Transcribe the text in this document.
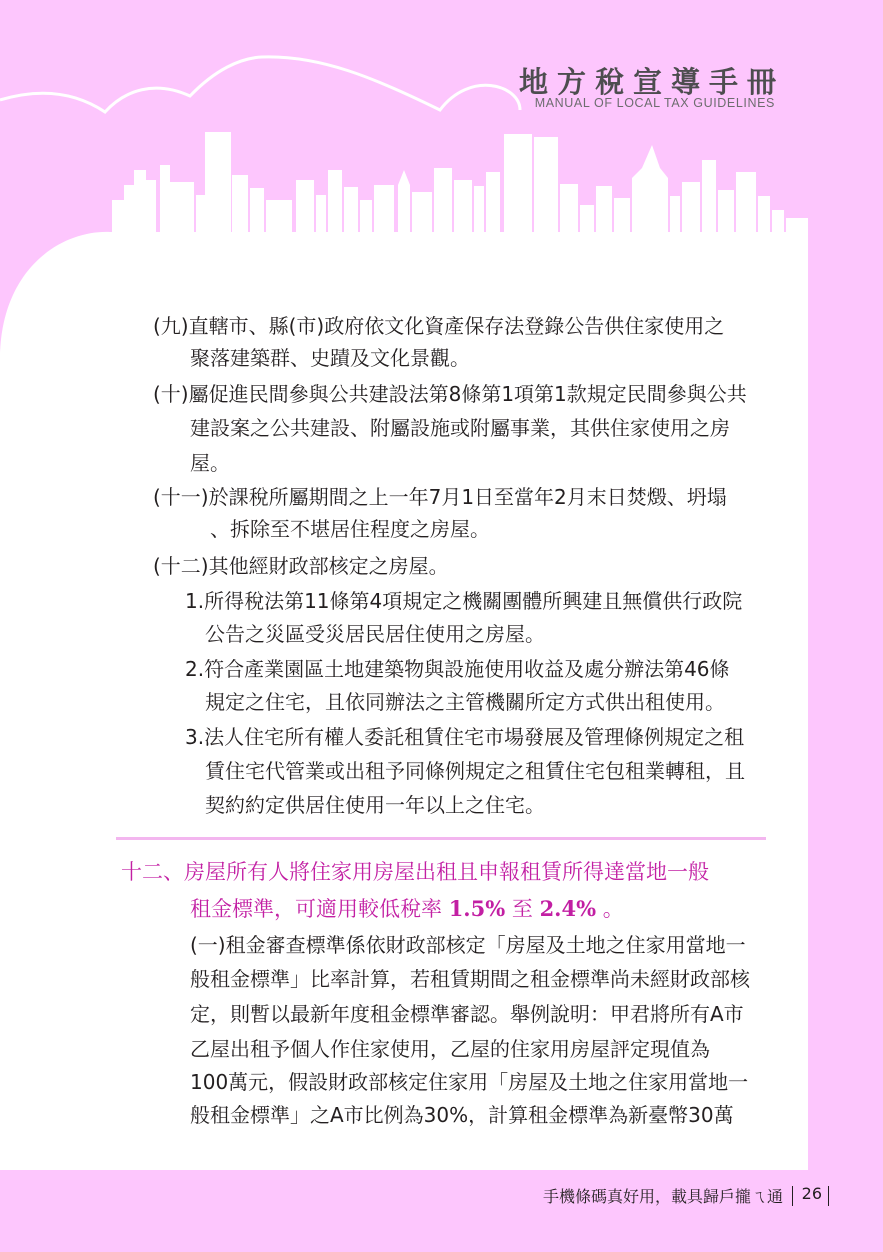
地方稅宣導手冊
MANUAL OF LOCAL TAX GUIDELINES
(九)直轄市、縣(市)政府依文化資產保存法登錄公告供住家使用之
聚落建築群、史蹟及文化景觀。
(十)屬促進民間參與公共建設法第8條第1項第1款規定民間參與公共
建設案之公共建設、附屬設施或附屬事業，其供住家使用之房
屋。
(十一)於課稅所屬期間之上一年7月1日至當年2月末日焚燬、坍塌
、拆除至不堪居住程度之房屋。
(十二)其他經財政部核定之房屋。
1.所得稅法第11條第4項規定之機關團體所興建且無償供行政院
公告之災區受災居民居住使用之房屋。
2.符合產業園區土地建築物與設施使用收益及處分辦法第46條
規定之住宅，且依同辦法之主管機關所定方式供出租使用。
3.法人住宅所有權人委託租賃住宅市場發展及管理條例規定之租
賃住宅代管業或出租予同條例規定之租賃住宅包租業轉租，且
契約約定供居住使用一年以上之住宅。
十二、房屋所有人將住家用房屋出租且申報租賃所得達當地一般
租金標準，可適用較低稅率 1.5% 至 2.4% 。
(一)租金審查標準係依財政部核定「房屋及土地之住家用當地一
般租金標準」比率計算，若租賃期間之租金標準尚未經財政部核
定，則暫以最新年度租金標準審認。舉例說明：甲君將所有A市
乙屋出租予個人作住家使用，乙屋的住家用房屋評定現值為
100萬元，假設財政部核定住家用「房屋及土地之住家用當地一
般租金標準」之A市比例為30%，計算租金標準為新臺幣30萬
手機條碼真好用，載具歸戶攏ㄟ通 26
